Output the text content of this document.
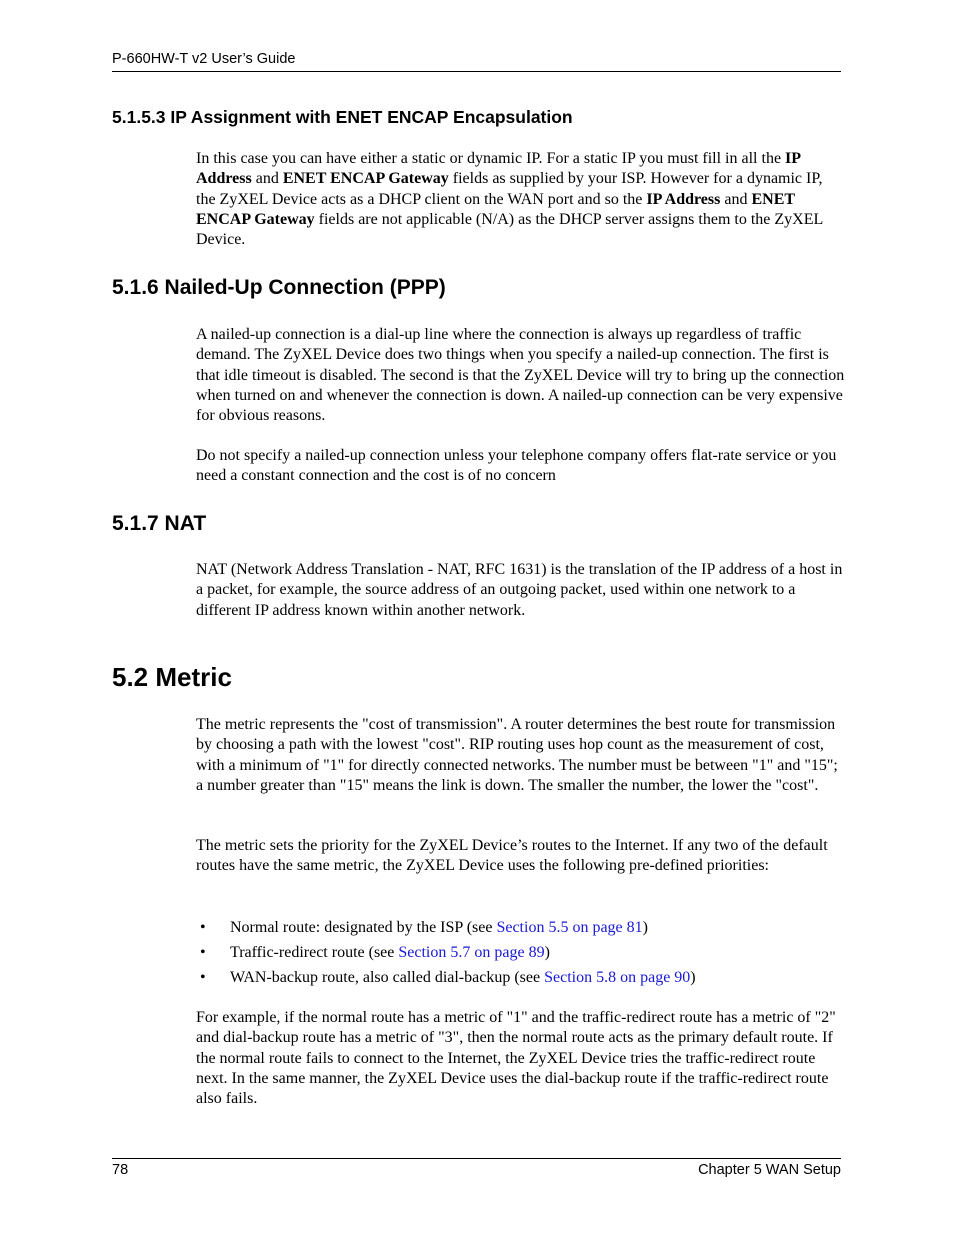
P-660HW-T v2 User’s Guide
5.1.5.3 IP Assignment with ENET ENCAP Encapsulation
In this case you can have either a static or dynamic IP. For a static IP you must fill in all the IP Address and ENET ENCAP Gateway fields as supplied by your ISP. However for a dynamic IP, the ZyXEL Device acts as a DHCP client on the WAN port and so the IP Address and ENET ENCAP Gateway fields are not applicable (N/A) as the DHCP server assigns them to the ZyXEL Device.
5.1.6 Nailed-Up Connection (PPP)
A nailed-up connection is a dial-up line where the connection is always up regardless of traffic demand. The ZyXEL Device does two things when you specify a nailed-up connection. The first is that idle timeout is disabled. The second is that the ZyXEL Device will try to bring up the connection when turned on and whenever the connection is down. A nailed-up connection can be very expensive for obvious reasons.
Do not specify a nailed-up connection unless your telephone company offers flat-rate service or you need a constant connection and the cost is of no concern
5.1.7 NAT
NAT (Network Address Translation - NAT, RFC 1631) is the translation of the IP address of a host in a packet, for example, the source address of an outgoing packet, used within one network to a different IP address known within another network.
5.2 Metric
The metric represents the "cost of transmission". A router determines the best route for transmission by choosing a path with the lowest "cost". RIP routing uses hop count as the measurement of cost, with a minimum of "1" for directly connected networks. The number must be between "1" and "15"; a number greater than "15" means the link is down. The smaller the number, the lower the "cost".
The metric sets the priority for the ZyXEL Device’s routes to the Internet. If any two of the default routes have the same metric, the ZyXEL Device uses the following pre-defined priorities:
• Normal route: designated by the ISP (see Section 5.5 on page 81)
• Traffic-redirect route (see Section 5.7 on page 89)
• WAN-backup route, also called dial-backup (see Section 5.8 on page 90)
For example, if the normal route has a metric of "1" and the traffic-redirect route has a metric of "2" and dial-backup route has a metric of "3", then the normal route acts as the primary default route. If the normal route fails to connect to the Internet, the ZyXEL Device tries the traffic-redirect route next. In the same manner, the ZyXEL Device uses the dial-backup route if the traffic-redirect route also fails.
78	Chapter 5 WAN Setup
